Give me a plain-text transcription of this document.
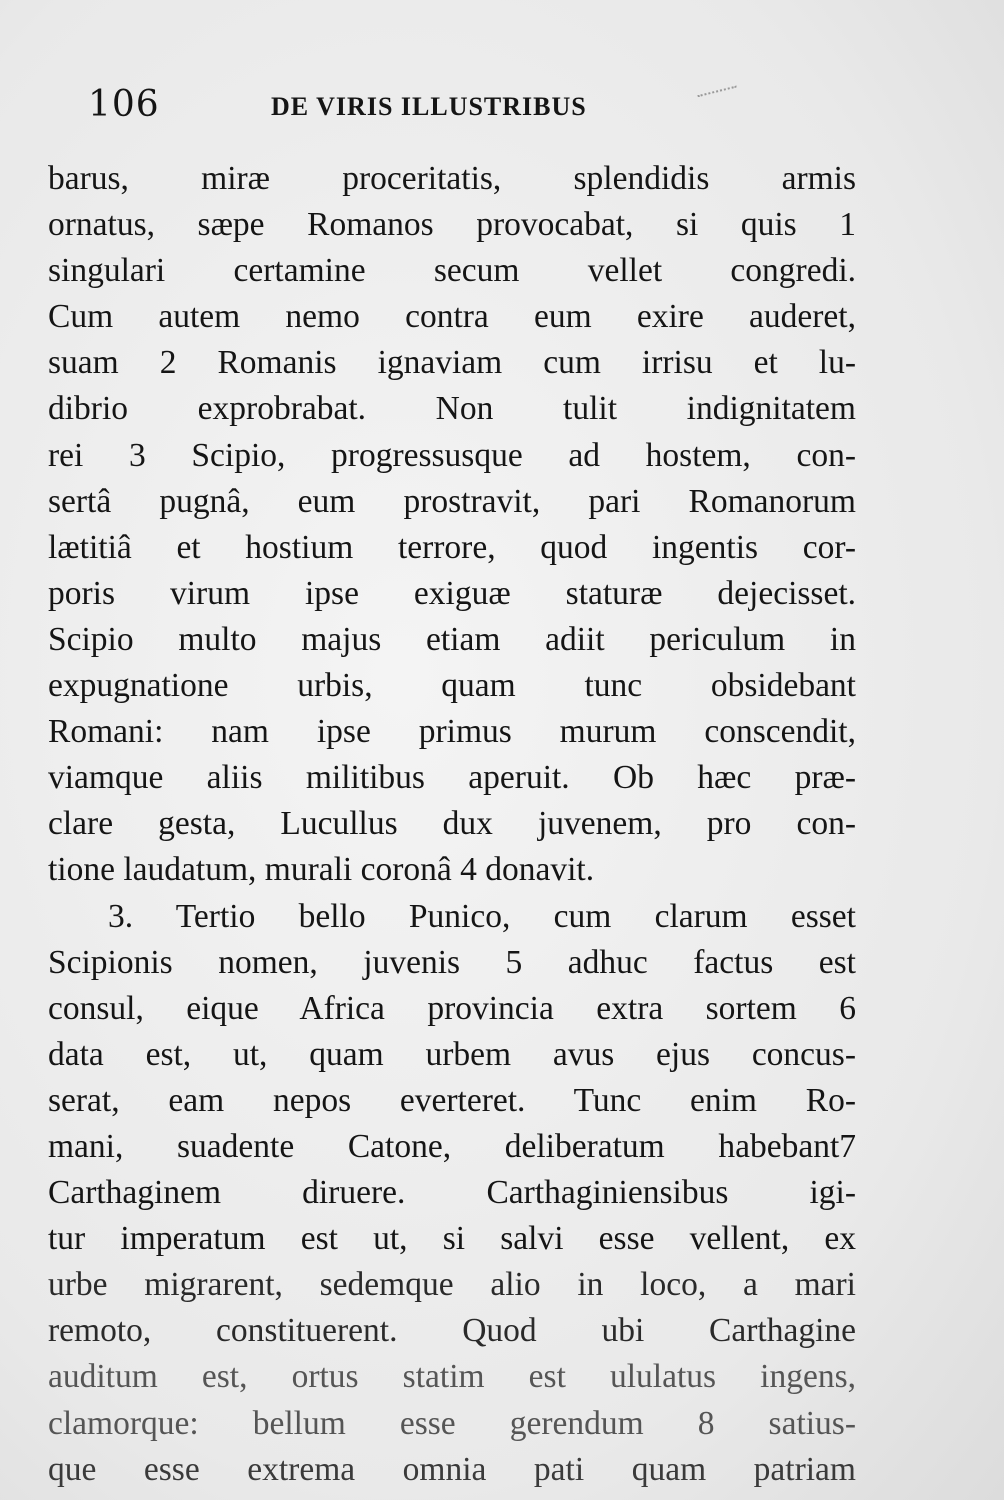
106	DE VIRIS ILLUSTRIBUS
barus, miræ proceritatis, splendidis armis
ornatus, sæpe Romanos provocabat, si quis 1
singulari certamine secum vellet congredi.
Cum autem nemo contra eum exire auderet,
suam 2 Romanis ignaviam cum irrisu et lu-
dibrio exprobrabat. Non tulit indignitatem
rei 3 Scipio, progressusque ad hostem, con-
sertâ pugnâ, eum prostravit, pari Romanorum
lætitiâ et hostium terrore, quod ingentis cor-
poris virum ipse exiguæ staturæ dejecisset.
Scipio multo majus etiam adiit periculum in
expugnatione urbis, quam tunc obsidebant
Romani: nam ipse primus murum conscendit,
viamque aliis militibus aperuit. Ob hæc præ-
clare gesta, Lucullus dux juvenem, pro con-
tione laudatum, murali coronâ 4 donavit.
3. Tertio bello Punico, cum clarum esset
Scipionis nomen, juvenis 5 adhuc factus est
consul, eique Africa provincia extra sortem 6
data est, ut, quam urbem avus ejus concus-
serat, eam nepos everteret. Tunc enim Ro-
mani, suadente Catone, deliberatum habebant7
Carthaginem diruere. Carthaginiensibus igi-
tur imperatum est ut, si salvi esse vellent, ex
urbe migrarent, sedemque alio in loco, a mari
remoto, constituerent. Quod ubi Carthagine
auditum est, ortus statim est ululatus ingens,
clamorque: bellum esse gerendum 8 satius-
que esse extrema omnia pati quam patriam
